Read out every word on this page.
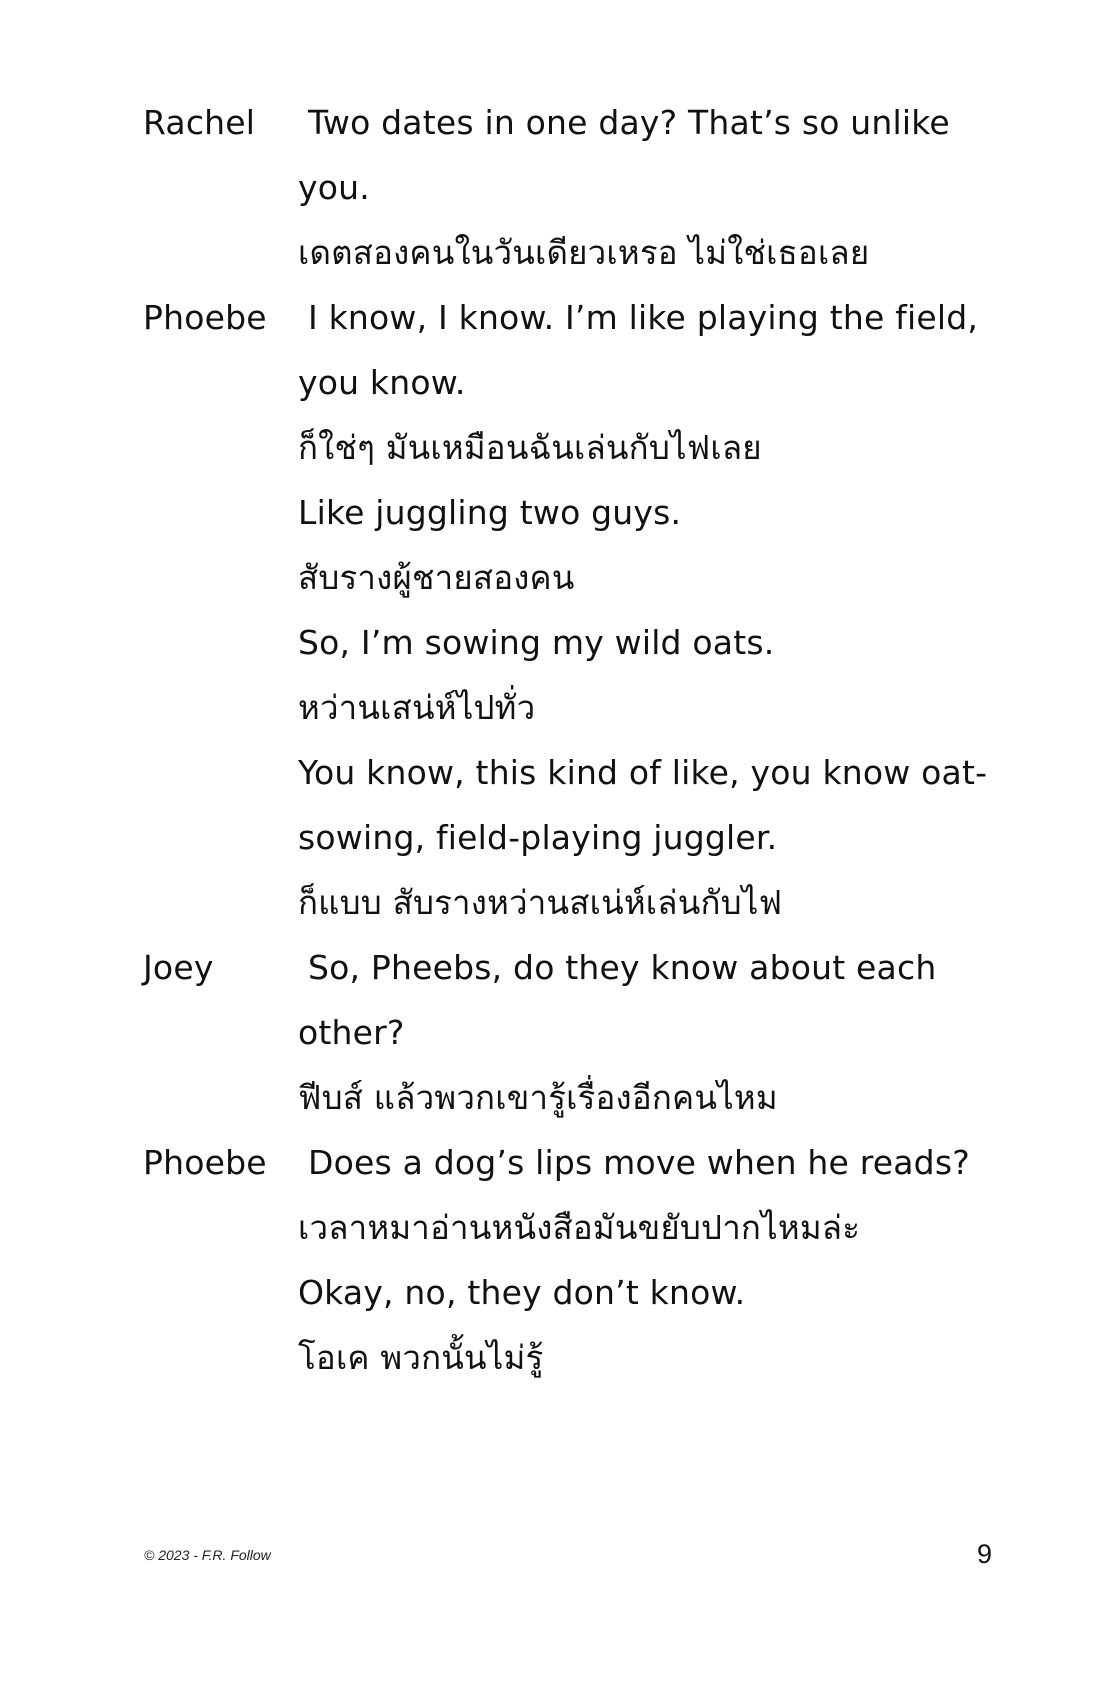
Rachel Two dates in one day? That’s so unlike
you.
เดตสองคนในวันเดียวเหรอ ไม่ใช่เธอเลย
Phoebe I know, I know. I’m like playing the field,
you know.
ก็ใช่ๆ มันเหมือนฉันเล่นกับไฟเลย
Like juggling two guys.
สับรางผู้ชายสองคน
So, I’m sowing my wild oats.
หว่านเสน่ห์ไปทั่ว
You know, this kind of like, you know oat-
sowing, field-playing juggler.
ก็แบบ สับรางหว่านสเน่ห์เล่นกับไฟ
Joey	So, Pheebs, do they know about each
other?
ฟีบส์ แล้วพวกเขารู้เรื่องอีกคนไหม
Phoebe Does a dog’s lips move when he reads?
เวลาหมาอ่านหนังสือมันขยับปากไหมล่ะ
Okay, no, they don’t know.
โอเค พวกนั้นไม่รู้
© 2023 - F.R. Follow	9
